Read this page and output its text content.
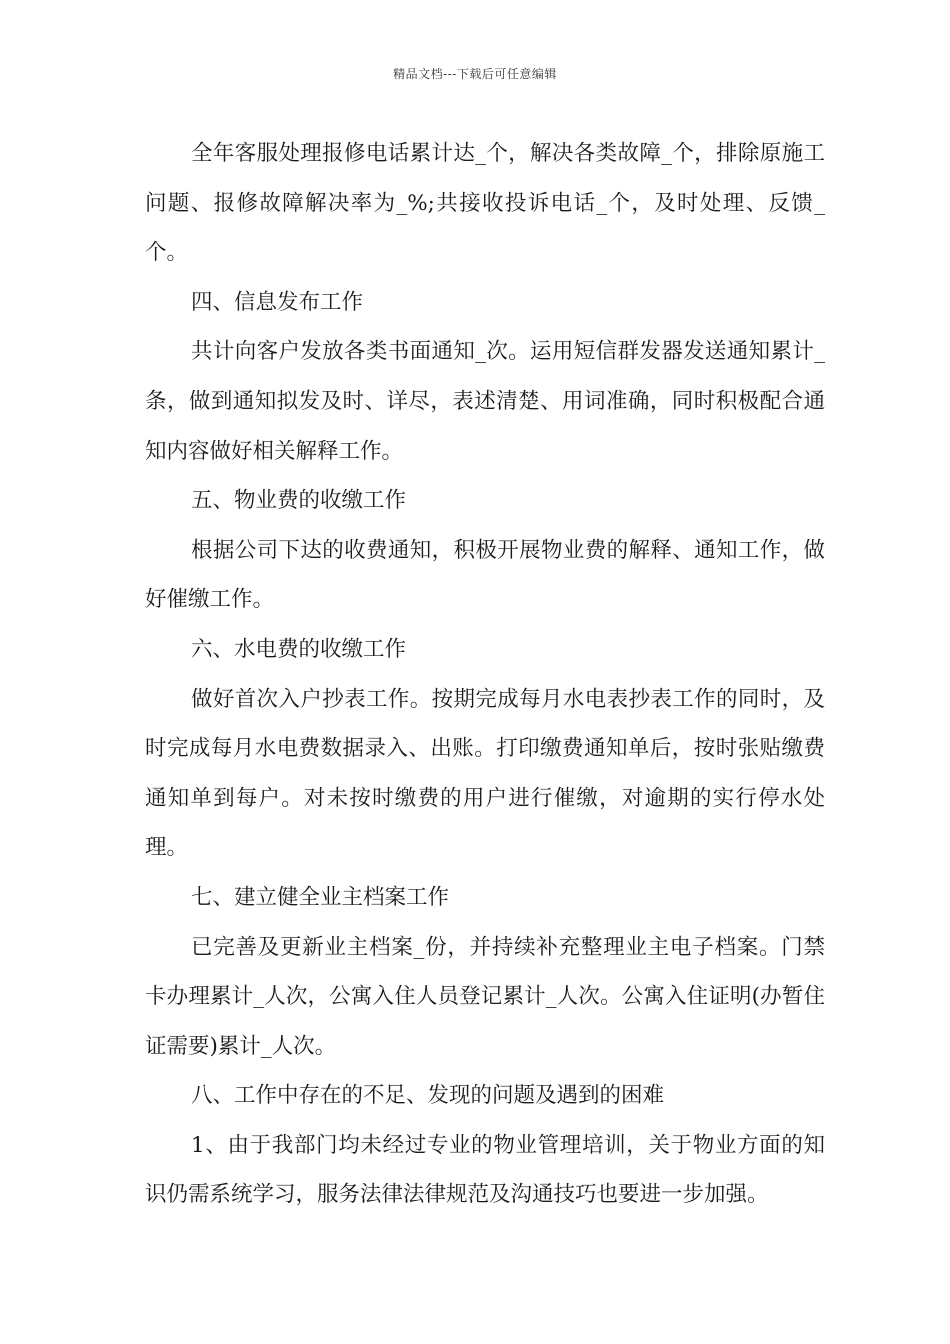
精品文档---下载后可任意编辑

全年客服处理报修电话累计达_个，解决各类故障_个，排除原施工问题、报修故障解决率为_%;共接收投诉电话_个，及时处理、反馈_个。

四、信息发布工作

共计向客户发放各类书面通知_次。运用短信群发器发送通知累计_条，做到通知拟发及时、详尽，表述清楚、用词准确，同时积极配合通知内容做好相关解释工作。

五、物业费的收缴工作

根据公司下达的收费通知，积极开展物业费的解释、通知工作，做好催缴工作。

六、水电费的收缴工作

做好首次入户抄表工作。按期完成每月水电表抄表工作的同时，及时完成每月水电费数据录入、出账。打印缴费通知单后，按时张贴缴费通知单到每户。对未按时缴费的用户进行催缴，对逾期的实行停水处理。

七、建立健全业主档案工作

已完善及更新业主档案_份，并持续补充整理业主电子档案。门禁卡办理累计_人次，公寓入住人员登记累计_人次。公寓入住证明(办暂住证需要)累计_人次。

八、工作中存在的不足、发现的问题及遇到的困难

1、由于我部门均未经过专业的物业管理培训，关于物业方面的知识仍需系统学习，服务法律法律规范及沟通技巧也要进一步加强。
